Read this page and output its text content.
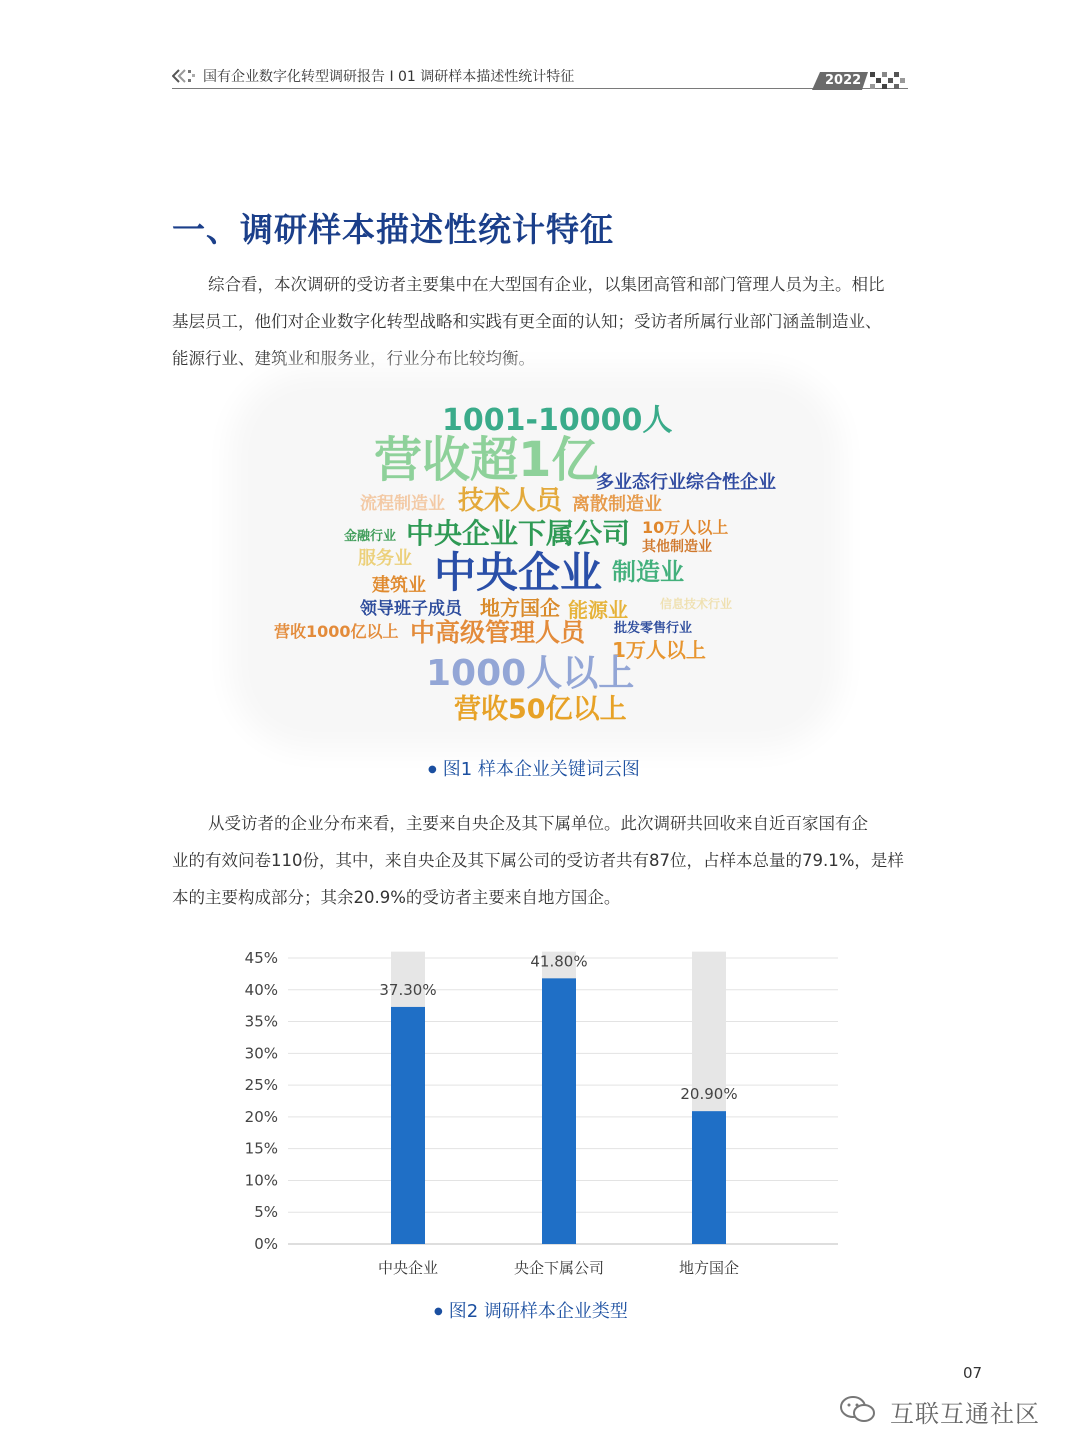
国有企业数字化转型调研报告 I 01 调研样本描述性统计特征	2022
一、调研样本描述性统计特征
综合看，本次调研的受访者主要集中在大型国有企业，以集团高管和部门管理人员为主。相比
基层员工，他们对企业数字化转型战略和实践有更全面的认知；受访者所属行业部门涵盖制造业、
能源行业、建筑业和服务业，行业分布比较均衡。
1001-10000人
营收超1亿
多业态行业综合性企业
流程制造业 技术人员 离散制造业
金融行业 中央企业下属公司 10万人以上
其他制造业
服务业 中央企业 制造业
建筑业
领导班子成员 地方国企 能源业	信息技术行业
营收1000亿以上 中高级管理人员 批发零售行业
1万人以上
1000人以上
营收50亿以上
● 图1 样本企业关键词云图
从受访者的企业分布来看，主要来自央企及其下属单位。此次调研共回收来自近百家国有企
业的有效问卷110份，其中，来自央企及其下属公司的受访者共有87位，占样本总量的79.1%，是样
本的主要构成部分；其余20.9%的受访者主要来自地方国企。
0%
5%
10%
15%
20%
25%
30%
35%
40%
45%
37.30%
中央企业
41.80%
央企下属公司
20.90%
地方国企
● 图2 调研样本企业类型
07
互联互通社区
